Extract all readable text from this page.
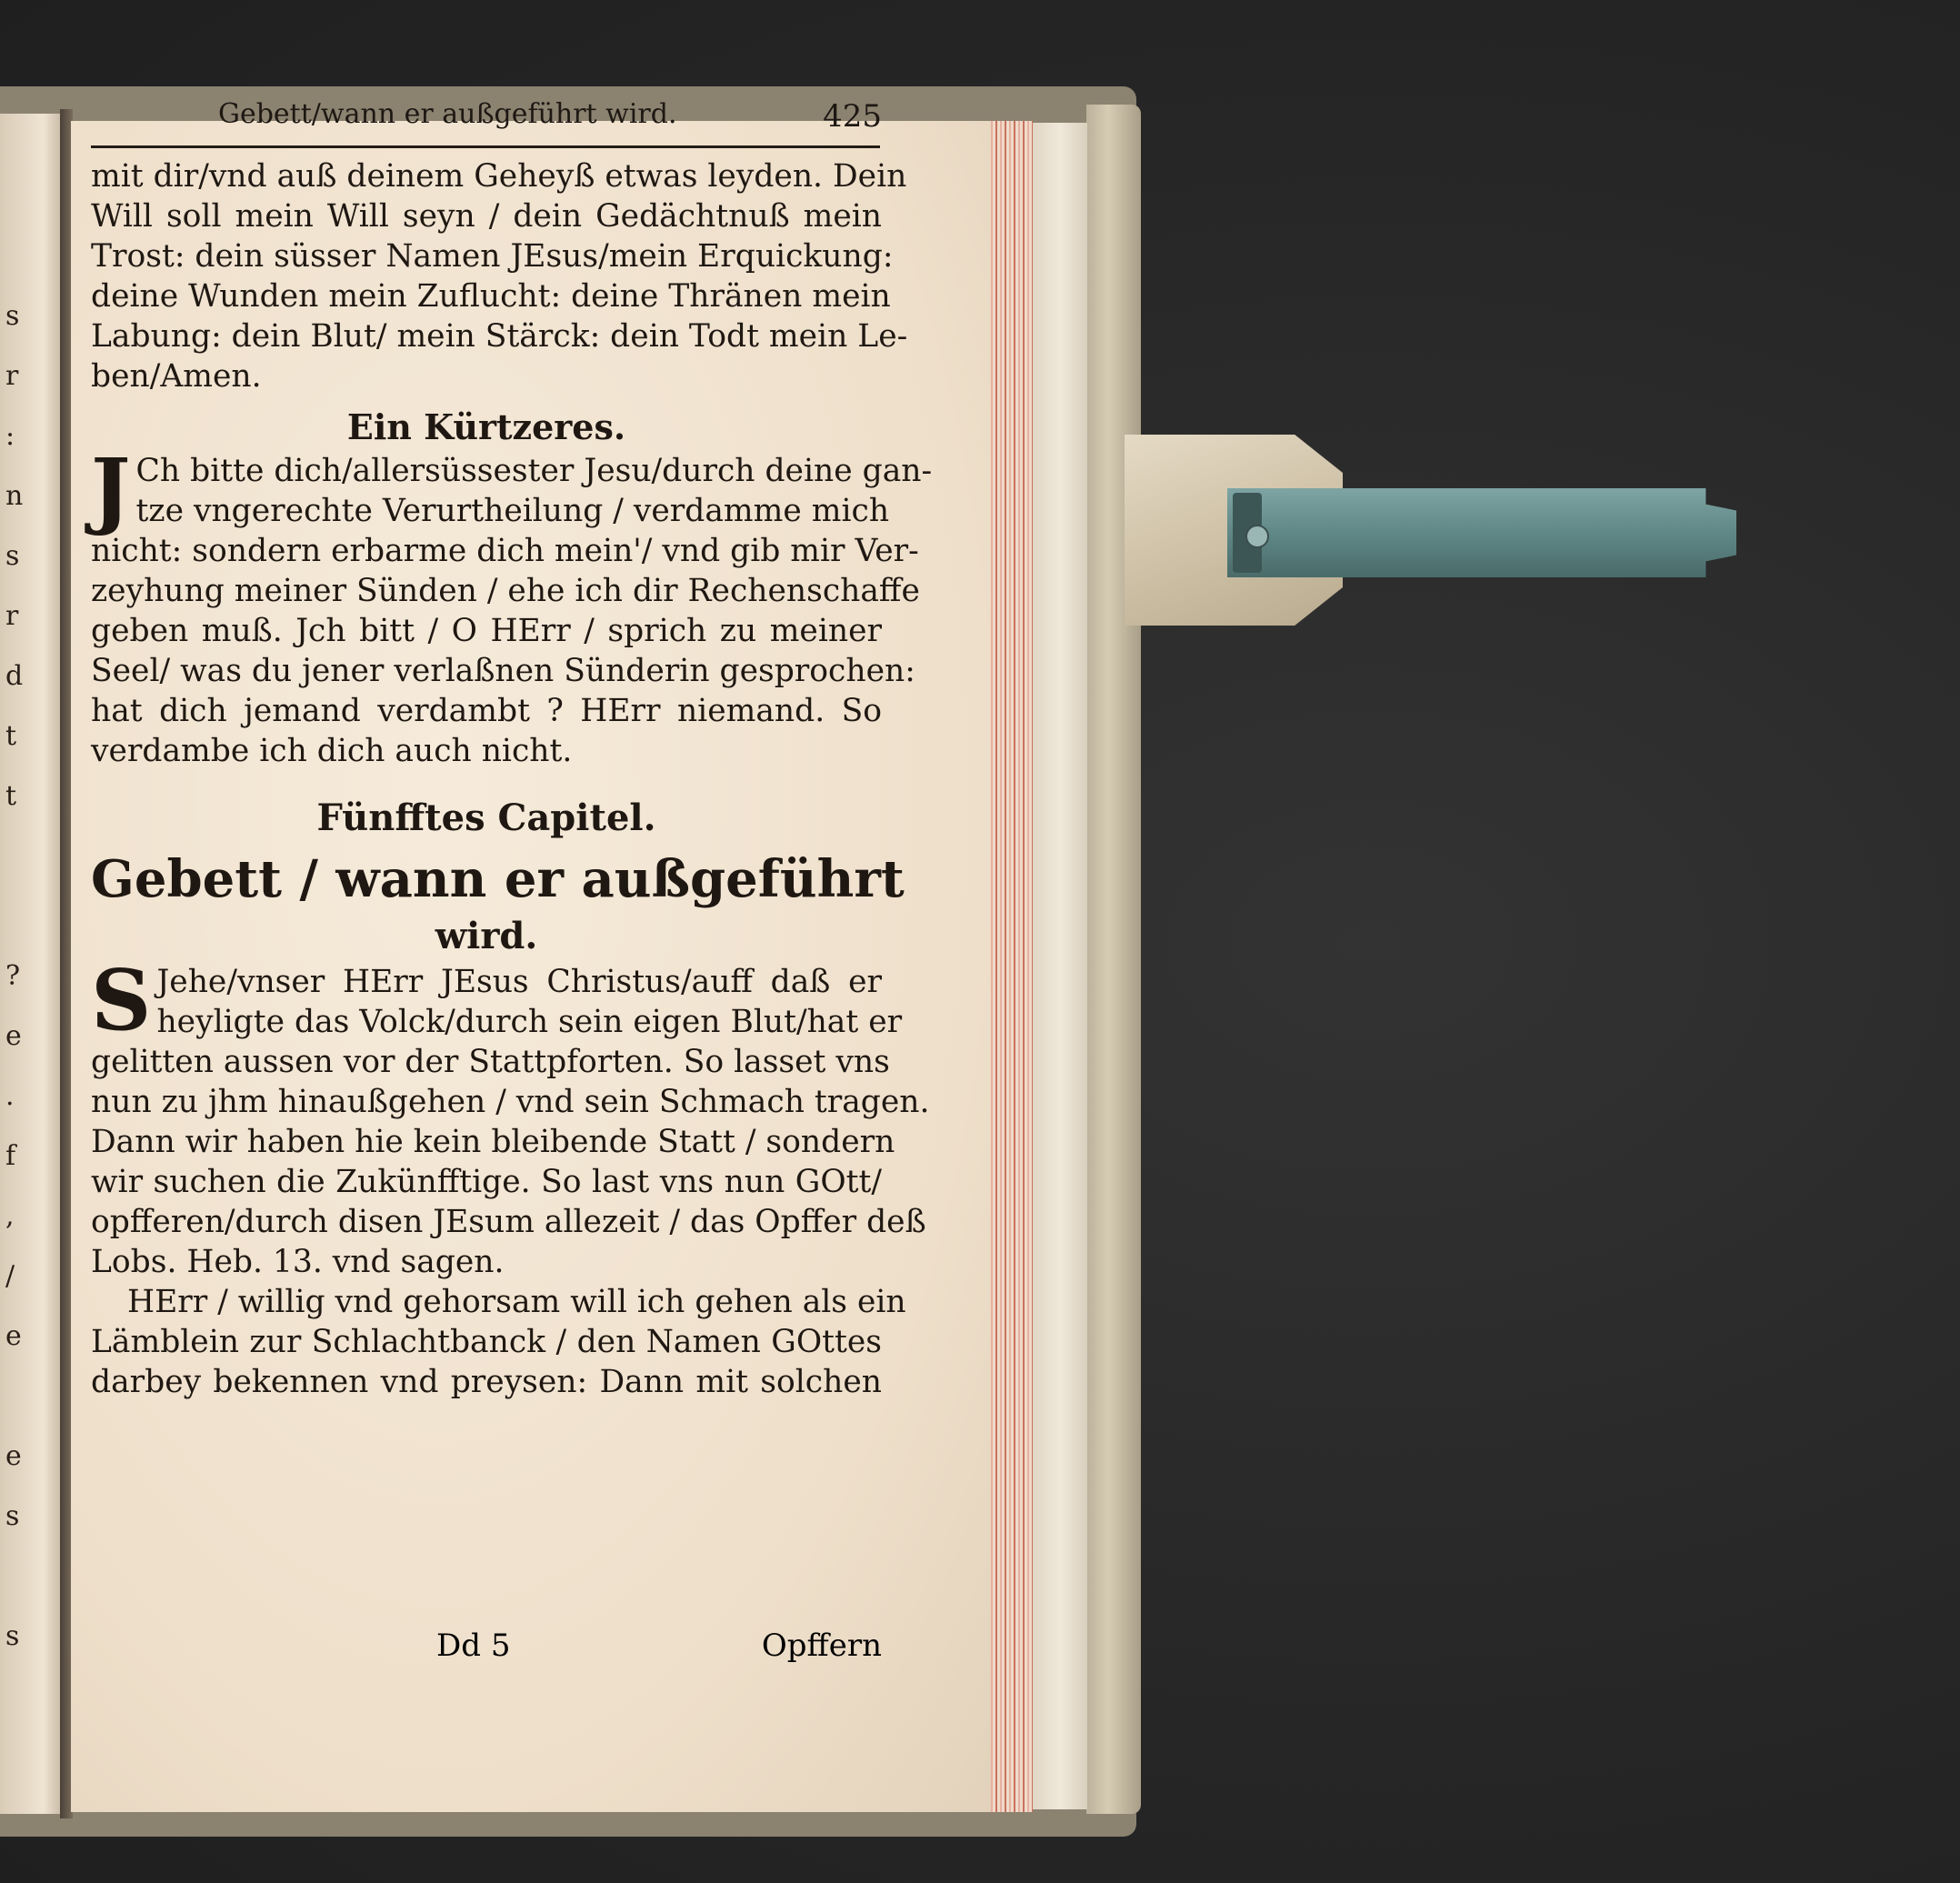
s
r
:
n
s
r
d
t
t

?
e
.
f
,
/
e

e
s

s

Gebett/wann er außgeführt wird.	425
mit dir/vnd auß deinem Geheyß etwas leyden. Dein
Will soll mein Will seyn / dein Gedächtnuß mein
Trost: dein süsser Namen JEsus/mein Erquickung:
deine Wunden mein Zuflucht: deine Thränen mein
Labung: dein Blut/ mein Stärck: dein Todt mein Le-
ben/Amen.
Ein Kürtzeres.
J Ch bitte dich/allersüssester Jesu/durch deine gan-
tze vngerechte Verurtheilung / verdamme mich
nicht: sondern erbarme dich mein'/ vnd gib mir Ver-
zeyhung meiner Sünden / ehe ich dir Rechenschaffe
geben muß. Jch bitt / O HErr / sprich zu meiner
Seel/ was du jener verlaßnen Sünderin gesprochen:
hat dich jemand verdambt ? HErr niemand. So
verdambe ich dich auch nicht.
Fünfftes Capitel.
Gebett / wann er außgeführt
wird.
S Jehe/vnser HErr JEsus Christus/auff daß er
heyligte das Volck/durch sein eigen Blut/hat er
gelitten aussen vor der Stattpforten. So lasset vns
nun zu jhm hinaußgehen / vnd sein Schmach tragen.
Dann wir haben hie kein bleibende Statt / sondern
wir suchen die Zukünfftige. So last vns nun GOtt/
opfferen/durch disen JEsum allezeit / das Opffer deß
Lobs. Heb. 13. vnd sagen.
HErr / willig vnd gehorsam will ich gehen als ein
Lämblein zur Schlachtbanck / den Namen GOttes
darbey bekennen vnd preysen: Dann mit solchen
Dd 5	Opffern
